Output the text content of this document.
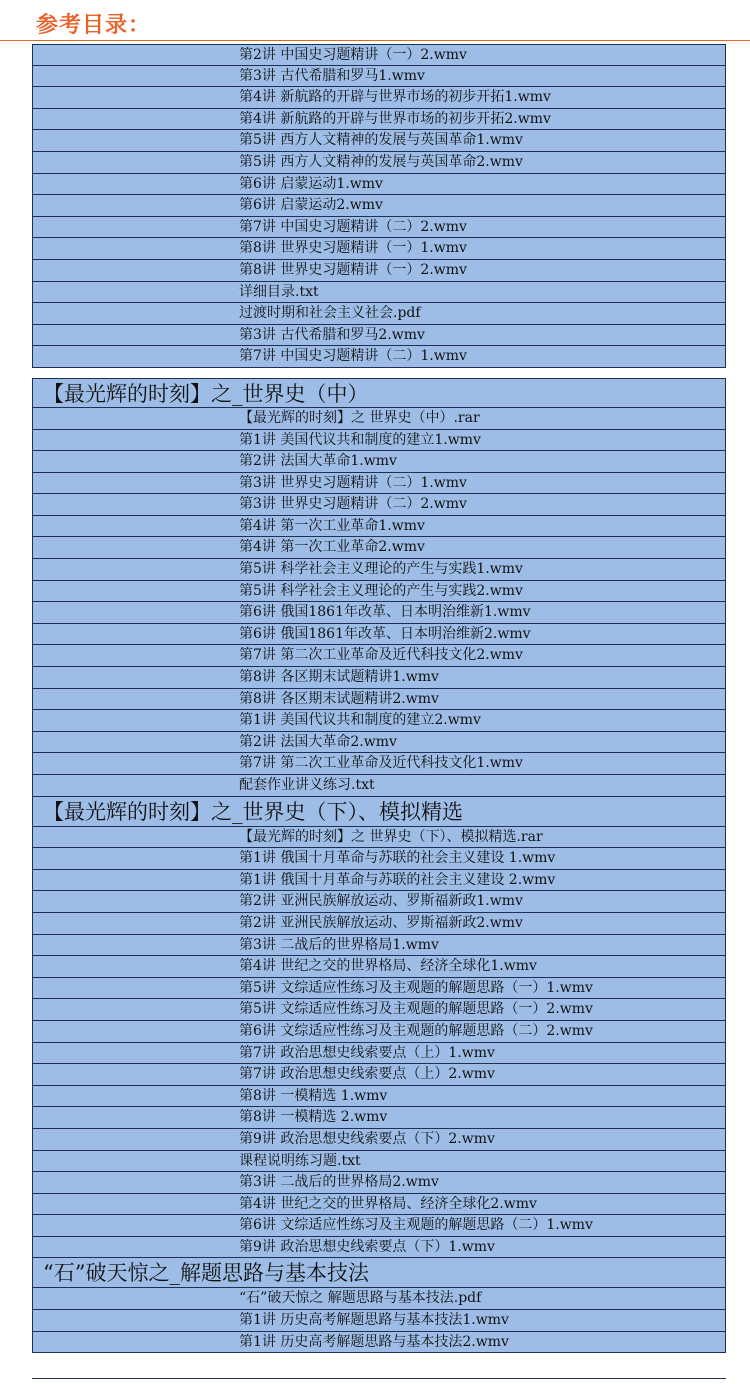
参考目录：
第2讲 中国史习题精讲（一）2.wmv
第3讲 古代希腊和罗马1.wmv
第4讲 新航路的开辟与世界市场的初步开拓1.wmv
第4讲 新航路的开辟与世界市场的初步开拓2.wmv
第5讲 西方人文精神的发展与英国革命1.wmv
第5讲 西方人文精神的发展与英国革命2.wmv
第6讲 启蒙运动1.wmv
第6讲 启蒙运动2.wmv
第7讲 中国史习题精讲（二）2.wmv
第8讲 世界史习题精讲（一）1.wmv
第8讲 世界史习题精讲（一）2.wmv
详细目录.txt
过渡时期和社会主义社会.pdf
第3讲 古代希腊和罗马2.wmv
第7讲 中国史习题精讲（二）1.wmv
【最光辉的时刻】之_世界史（中）
【最光辉的时刻】之 世界史（中）.rar
第1讲 美国代议共和制度的建立1.wmv
第2讲 法国大革命1.wmv
第3讲 世界史习题精讲（二）1.wmv
第3讲 世界史习题精讲（二）2.wmv
第4讲 第一次工业革命1.wmv
第4讲 第一次工业革命2.wmv
第5讲 科学社会主义理论的产生与实践1.wmv
第5讲 科学社会主义理论的产生与实践2.wmv
第6讲 俄国1861年改革、日本明治维新1.wmv
第6讲 俄国1861年改革、日本明治维新2.wmv
第7讲 第二次工业革命及近代科技文化2.wmv
第8讲 各区期末试题精讲1.wmv
第8讲 各区期末试题精讲2.wmv
第1讲 美国代议共和制度的建立2.wmv
第2讲 法国大革命2.wmv
第7讲 第二次工业革命及近代科技文化1.wmv
配套作业讲义练习.txt
【最光辉的时刻】之_世界史（下）、模拟精选
【最光辉的时刻】之 世界史（下）、模拟精选.rar
第1讲 俄国十月革命与苏联的社会主义建设 1.wmv
第1讲 俄国十月革命与苏联的社会主义建设 2.wmv
第2讲 亚洲民族解放运动、罗斯福新政1.wmv
第2讲 亚洲民族解放运动、罗斯福新政2.wmv
第3讲 二战后的世界格局1.wmv
第4讲 世纪之交的世界格局、经济全球化1.wmv
第5讲 文综适应性练习及主观题的解题思路（一）1.wmv
第5讲 文综适应性练习及主观题的解题思路（一）2.wmv
第6讲 文综适应性练习及主观题的解题思路（二）2.wmv
第7讲 政治思想史线索要点（上）1.wmv
第7讲 政治思想史线索要点（上）2.wmv
第8讲 一模精选 1.wmv
第8讲 一模精选 2.wmv
第9讲 政治思想史线索要点（下）2.wmv
课程说明练习题.txt
第3讲 二战后的世界格局2.wmv
第4讲 世纪之交的世界格局、经济全球化2.wmv
第6讲 文综适应性练习及主观题的解题思路（二）1.wmv
第9讲 政治思想史线索要点（下）1.wmv
“石”破天惊之_解题思路与基本技法
“石”破天惊之 解题思路与基本技法.pdf
第1讲 历史高考解题思路与基本技法1.wmv
第1讲 历史高考解题思路与基本技法2.wmv
